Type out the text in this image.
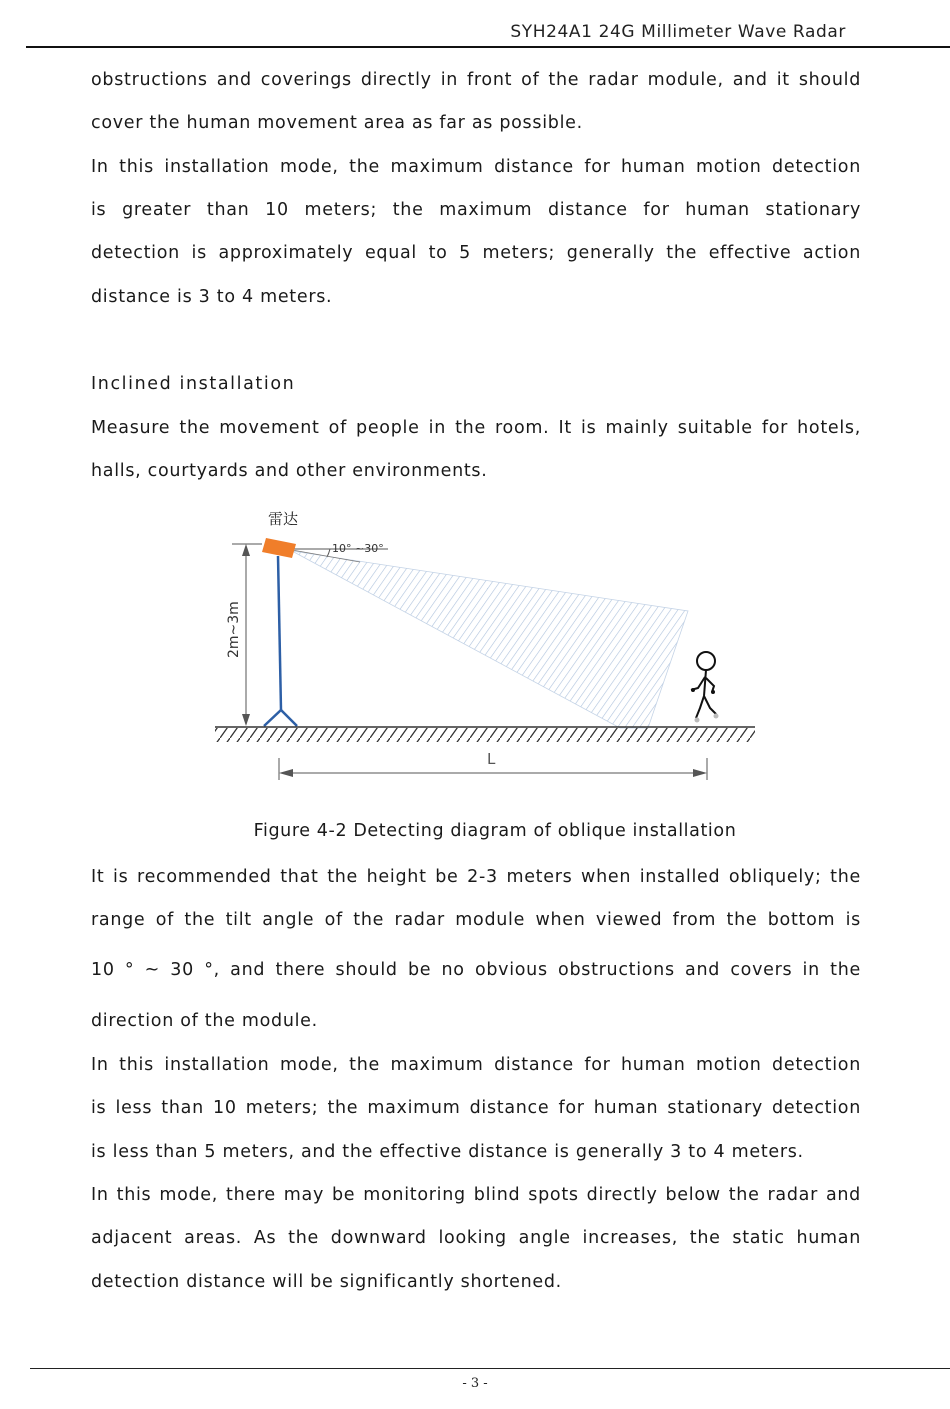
SYH24A1 24G Millimeter Wave Radar
obstructions and coverings directly in front of the radar module, and it should
cover the human movement area as far as possible.
In this installation mode, the maximum distance for human motion detection
is greater than 10 meters; the maximum distance for human stationary
detection is approximately equal to 5 meters; generally the effective action
distance is 3 to 4 meters.
Inclined installation
Measure the movement of people in the room. It is mainly suitable for hotels,
halls, courtyards and other environments.
雷达
10° ~30°
2m~3m
L
Figure 4-2 Detecting diagram of oblique installation
It is recommended that the height be 2-3 meters when installed obliquely; the
range of the tilt angle of the radar module when viewed from the bottom is
10 ° ~ 30 °, and there should be no obvious obstructions and covers in the
direction of the module.
In this installation mode, the maximum distance for human motion detection
is less than 10 meters; the maximum distance for human stationary detection
is less than 5 meters, and the effective distance is generally 3 to 4 meters.
In this mode, there may be monitoring blind spots directly below the radar and
adjacent areas. As the downward looking angle increases, the static human
detection distance will be significantly shortened.
- 3 -
